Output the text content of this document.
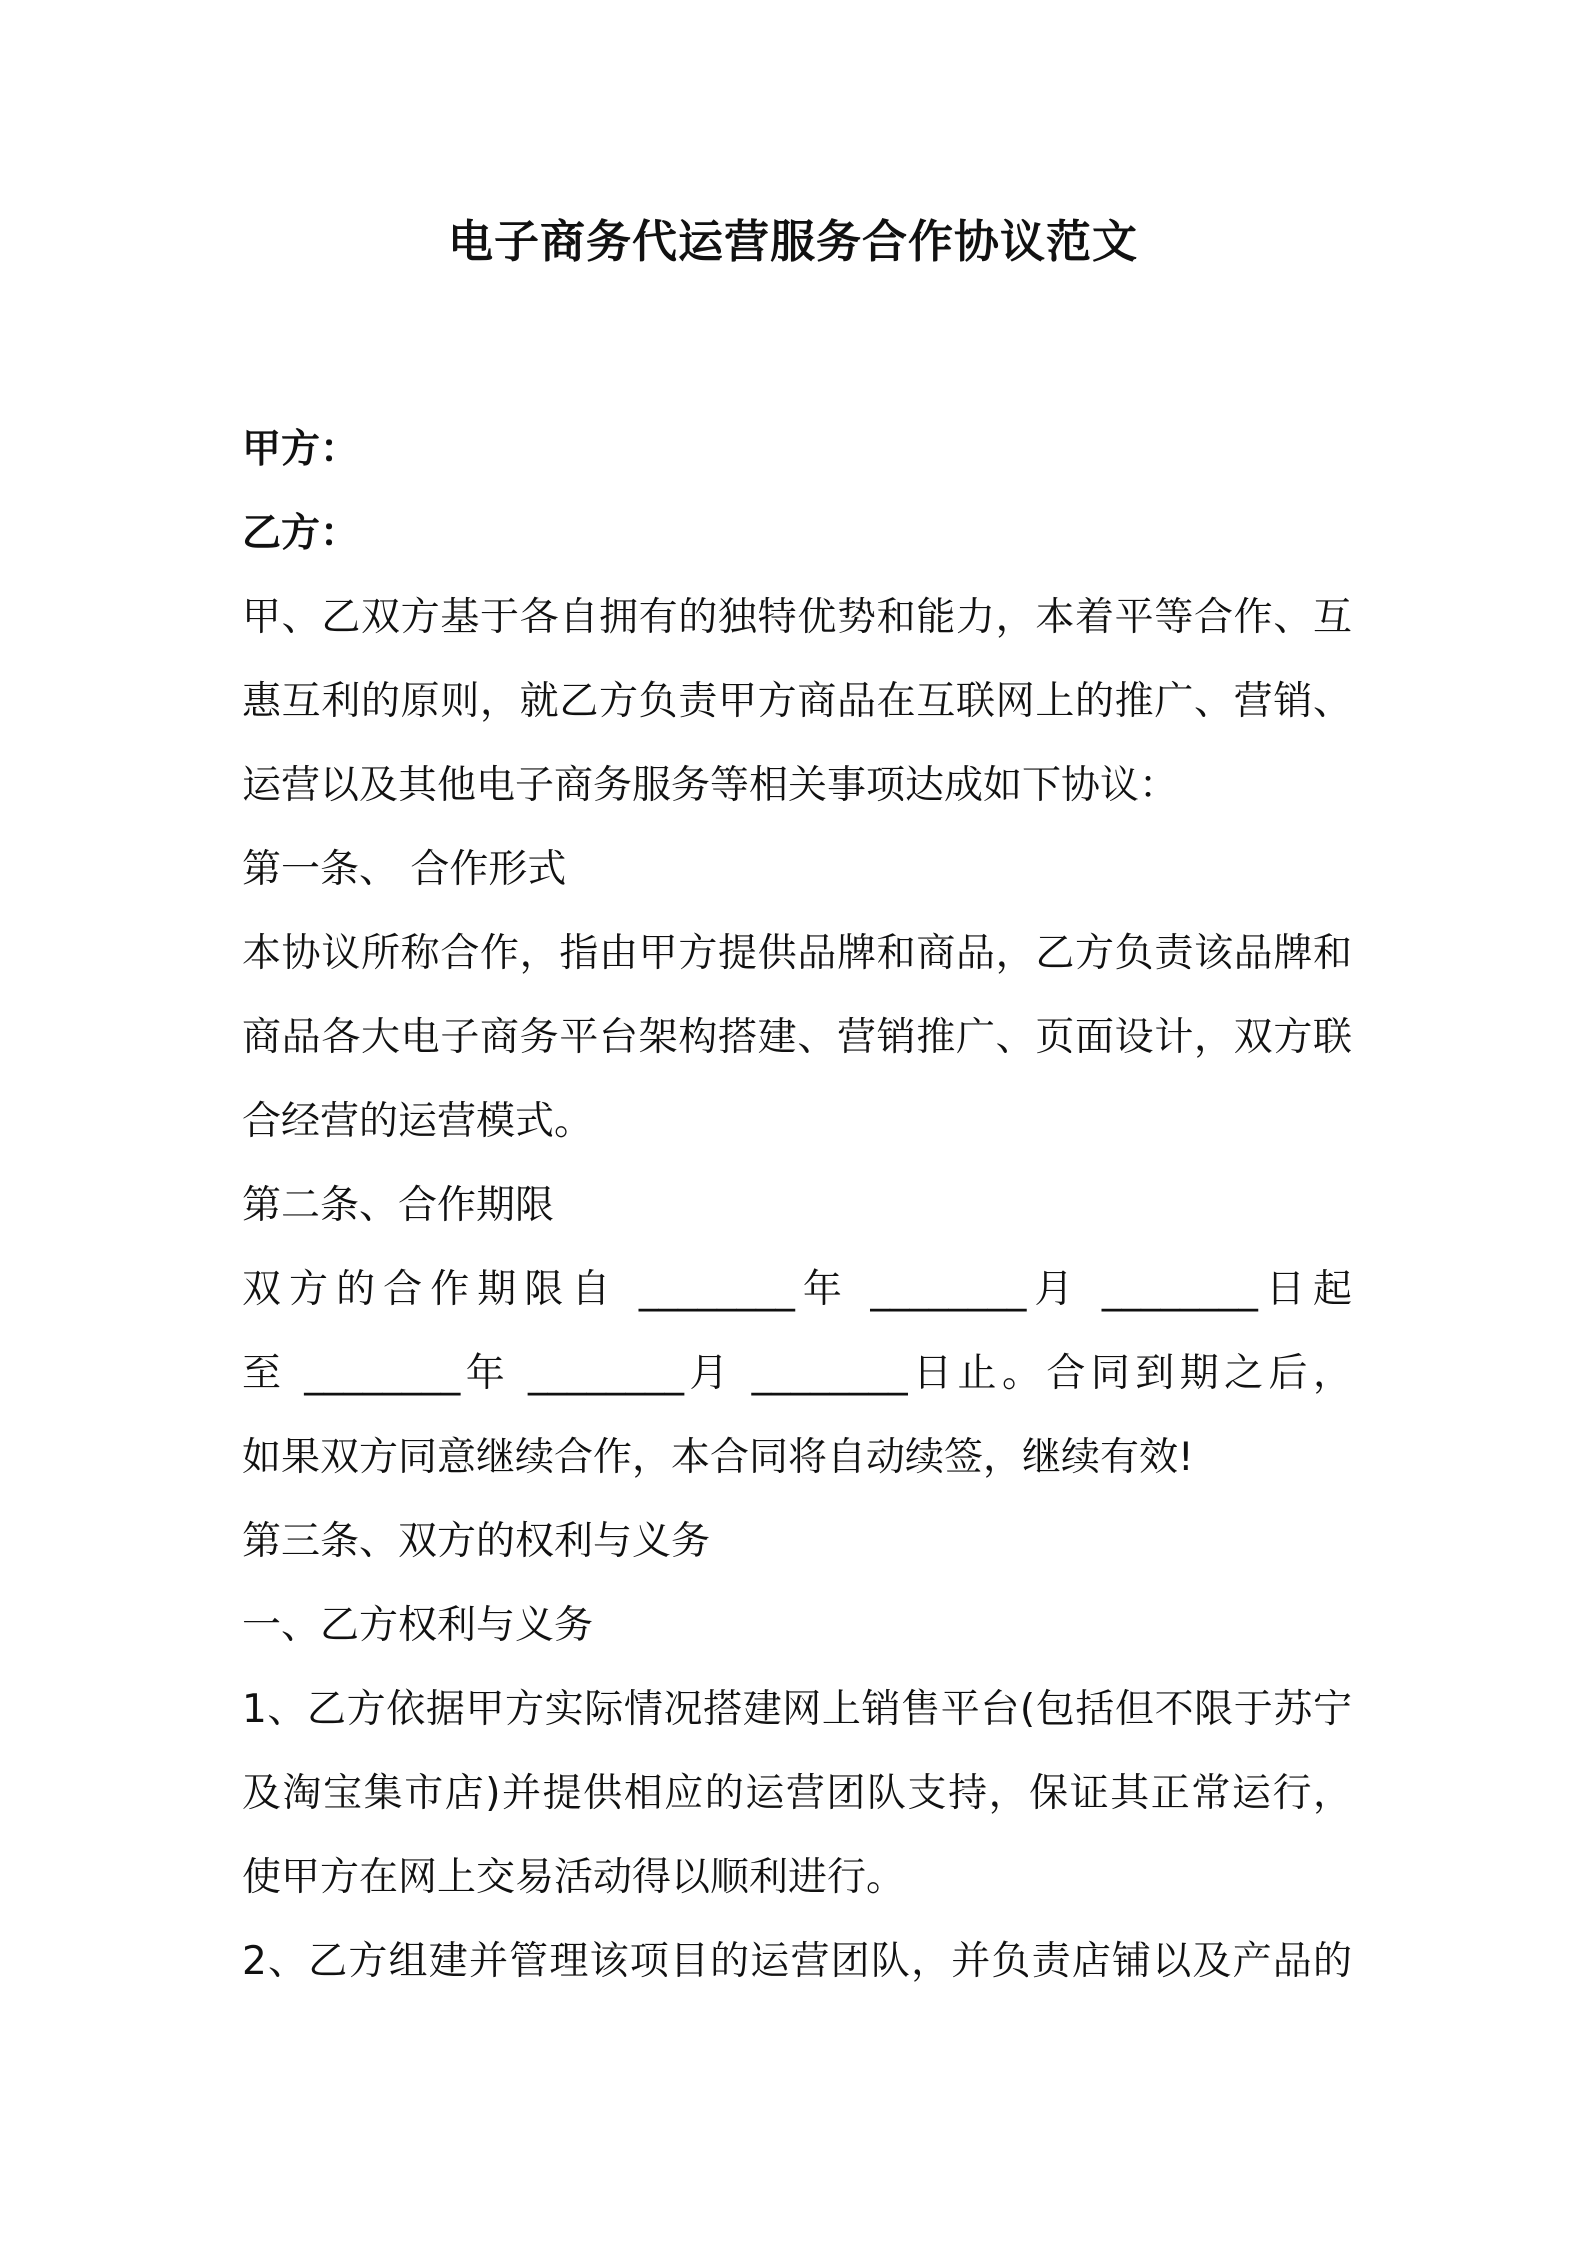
电子商务代运营服务合作协议范文
甲方：
乙方：
甲、乙双方基于各自拥有的独特优势和能力，本着平等合作、互
惠互利的原则，就乙方负责甲方商品在互联网上的推广、营销、
运营以及其他电子商务服务等相关事项达成如下协议：
第一条、 合作形式
本协议所称合作，指由甲方提供品牌和商品，乙方负责该品牌和
商品各大电子商务平台架构搭建、营销推广、页面设计，双方联
合经营的运营模式。
第二条、合作期限
双方的合作期限自 ________年 ________月 ________日起
至 ________年 ________月 ________日止。合同到期之后，
如果双方同意继续合作，本合同将自动续签，继续有效!
第三条、双方的权利与义务
一、乙方权利与义务
1、乙方依据甲方实际情况搭建网上销售平台(包括但不限于苏宁
及淘宝集市店)并提供相应的运营团队支持，保证其正常运行，
使甲方在网上交易活动得以顺利进行。
2、乙方组建并管理该项目的运营团队，并负责店铺以及产品的
